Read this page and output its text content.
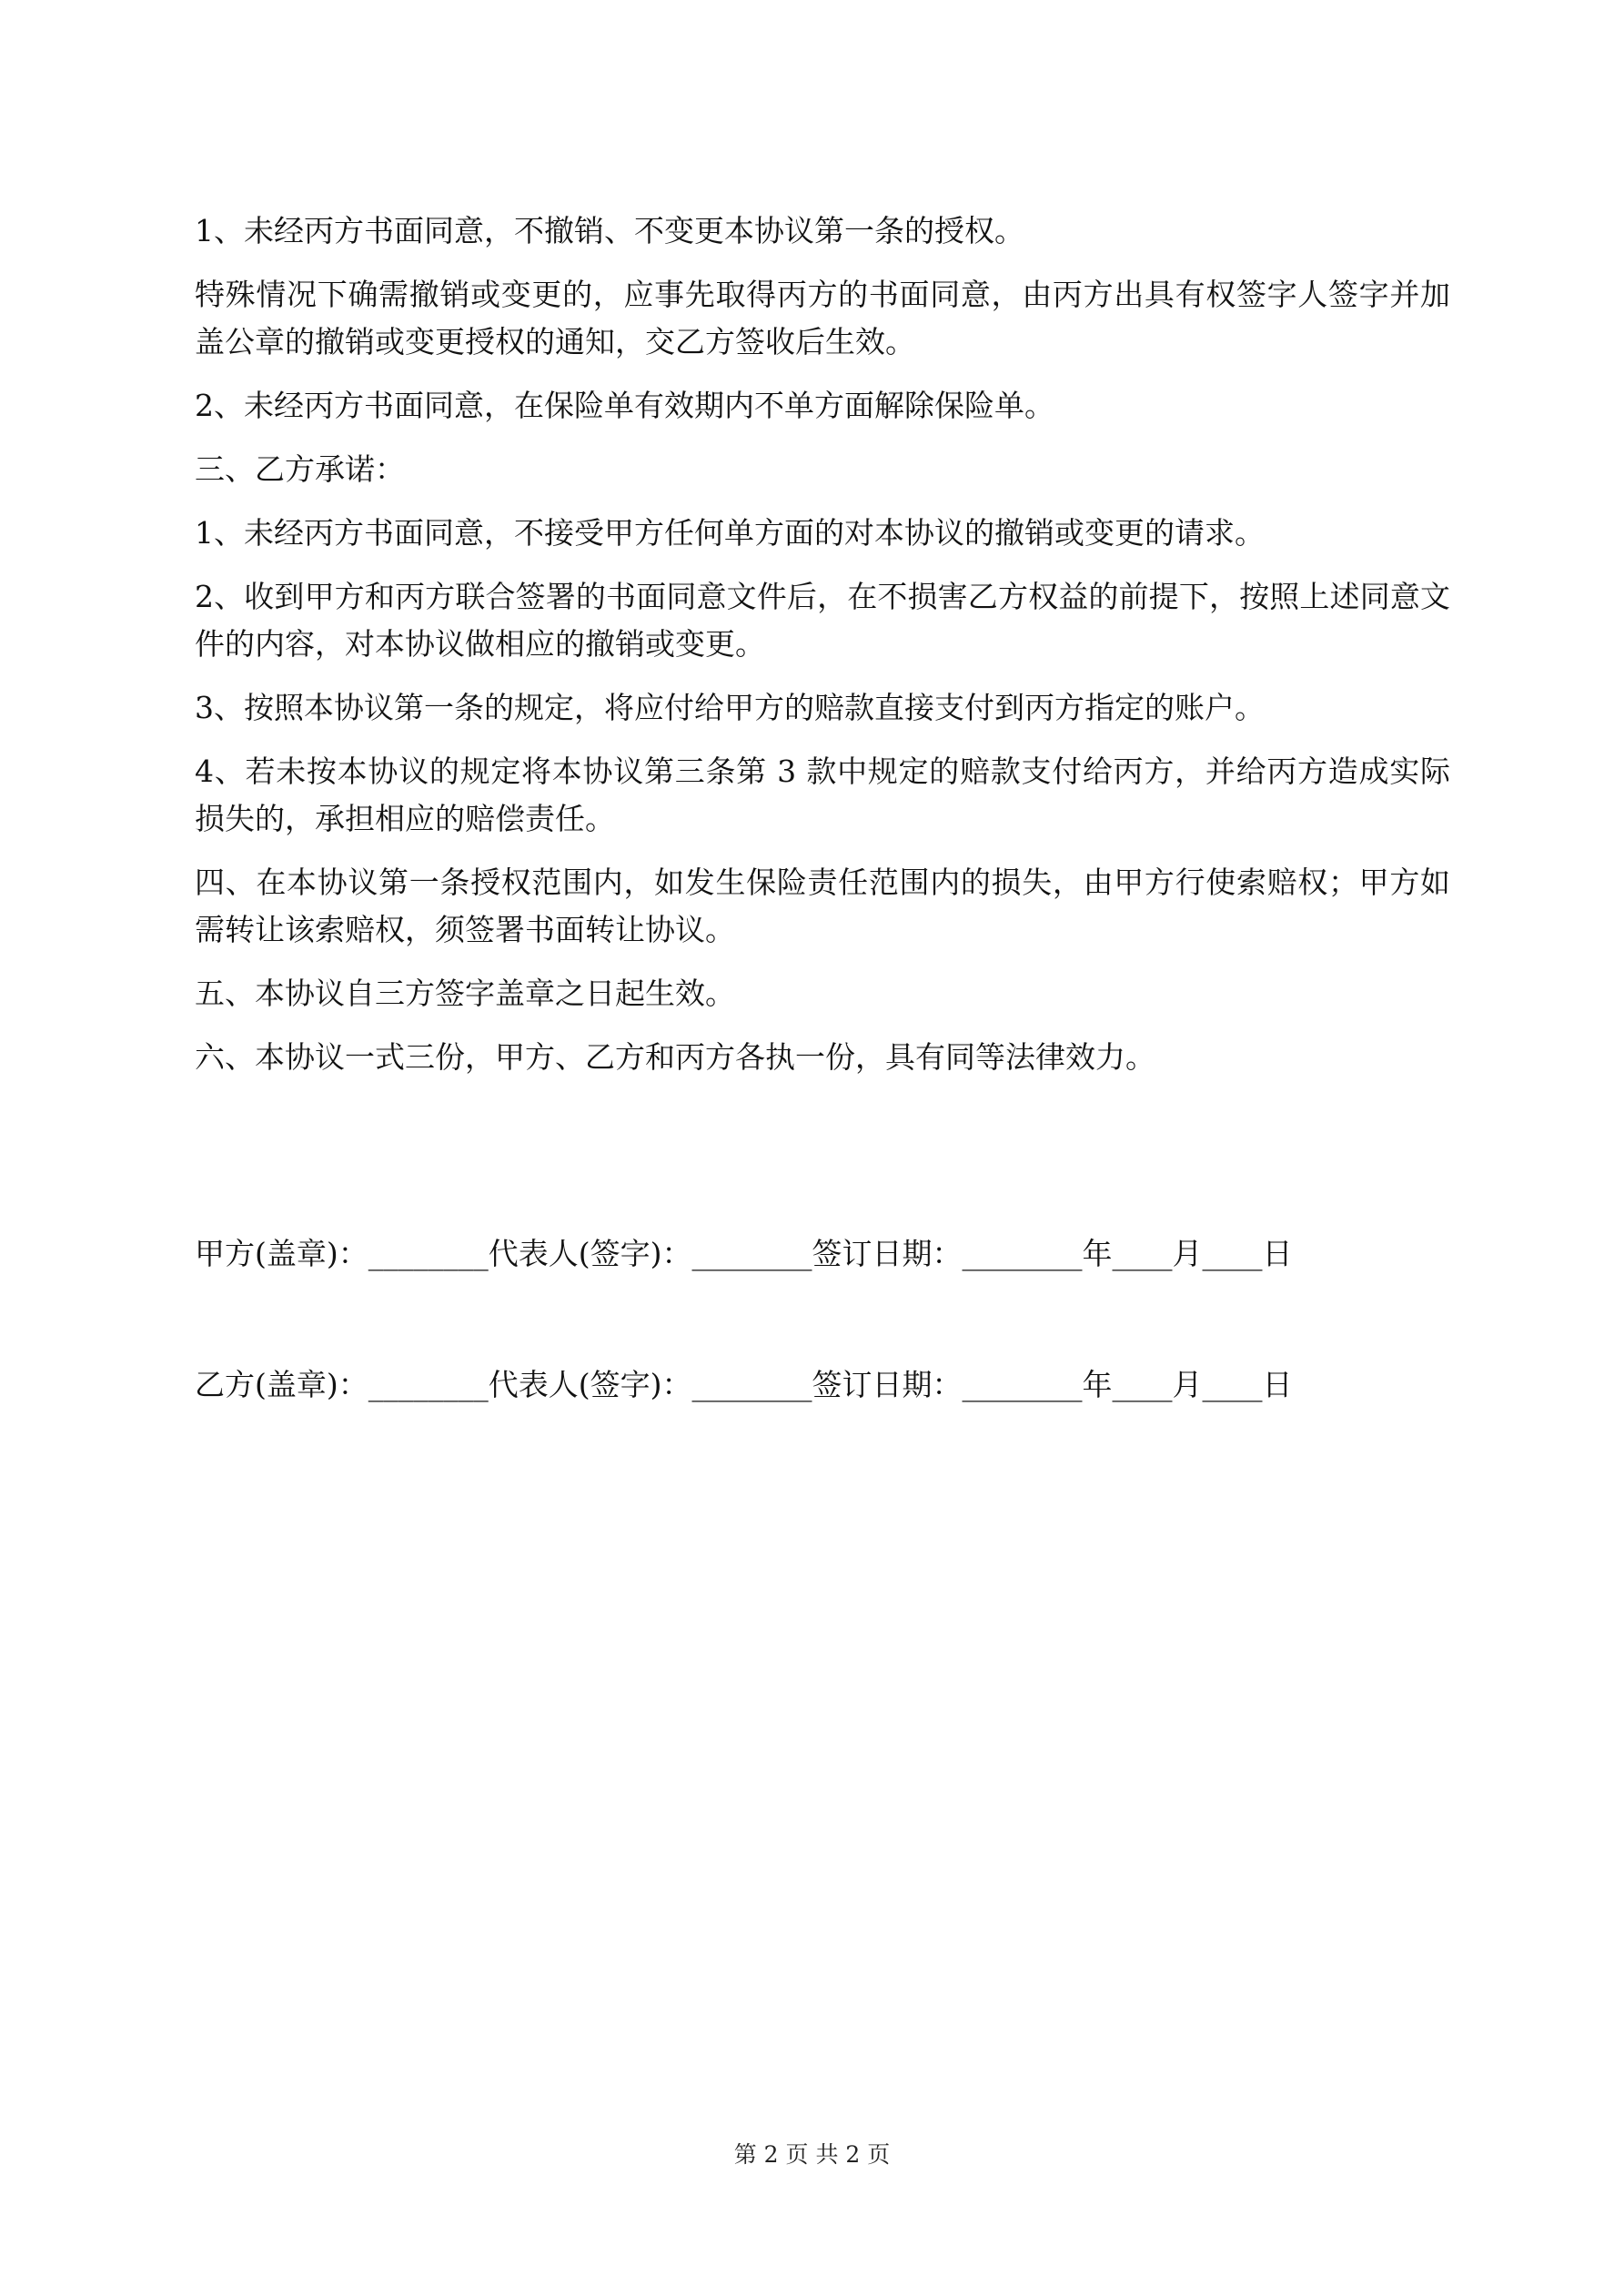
1、未经丙方书面同意，不撤销、不变更本协议第一条的授权。

特殊情况下确需撤销或变更的，应事先取得丙方的书面同意，由丙方出具有权签字人签字并加盖公章的撤销或变更授权的通知，交乙方签收后生效。

2、未经丙方书面同意，在保险单有效期内不单方面解除保险单。

三、乙方承诺：

1、未经丙方书面同意，不接受甲方任何单方面的对本协议的撤销或变更的请求。

2、收到甲方和丙方联合签署的书面同意文件后，在不损害乙方权益的前提下，按照上述同意文件的内容，对本协议做相应的撤销或变更。

3、按照本协议第一条的规定，将应付给甲方的赔款直接支付到丙方指定的账户。

4、若未按本协议的规定将本协议第三条第 3 款中规定的赔款支付给丙方，并给丙方造成实际损失的，承担相应的赔偿责任。

四、在本协议第一条授权范围内，如发生保险责任范围内的损失，由甲方行使索赔权；甲方如需转让该索赔权，须签署书面转让协议。

五、本协议自三方签字盖章之日起生效。

六、本协议一式三份，甲方、乙方和丙方各执一份，具有同等法律效力。

甲方(盖章)：________代表人(签字)：________签订日期：________年____月____日
乙方(盖章)：________代表人(签字)：________签订日期：________年____月____日
第 2 页 共 2 页
